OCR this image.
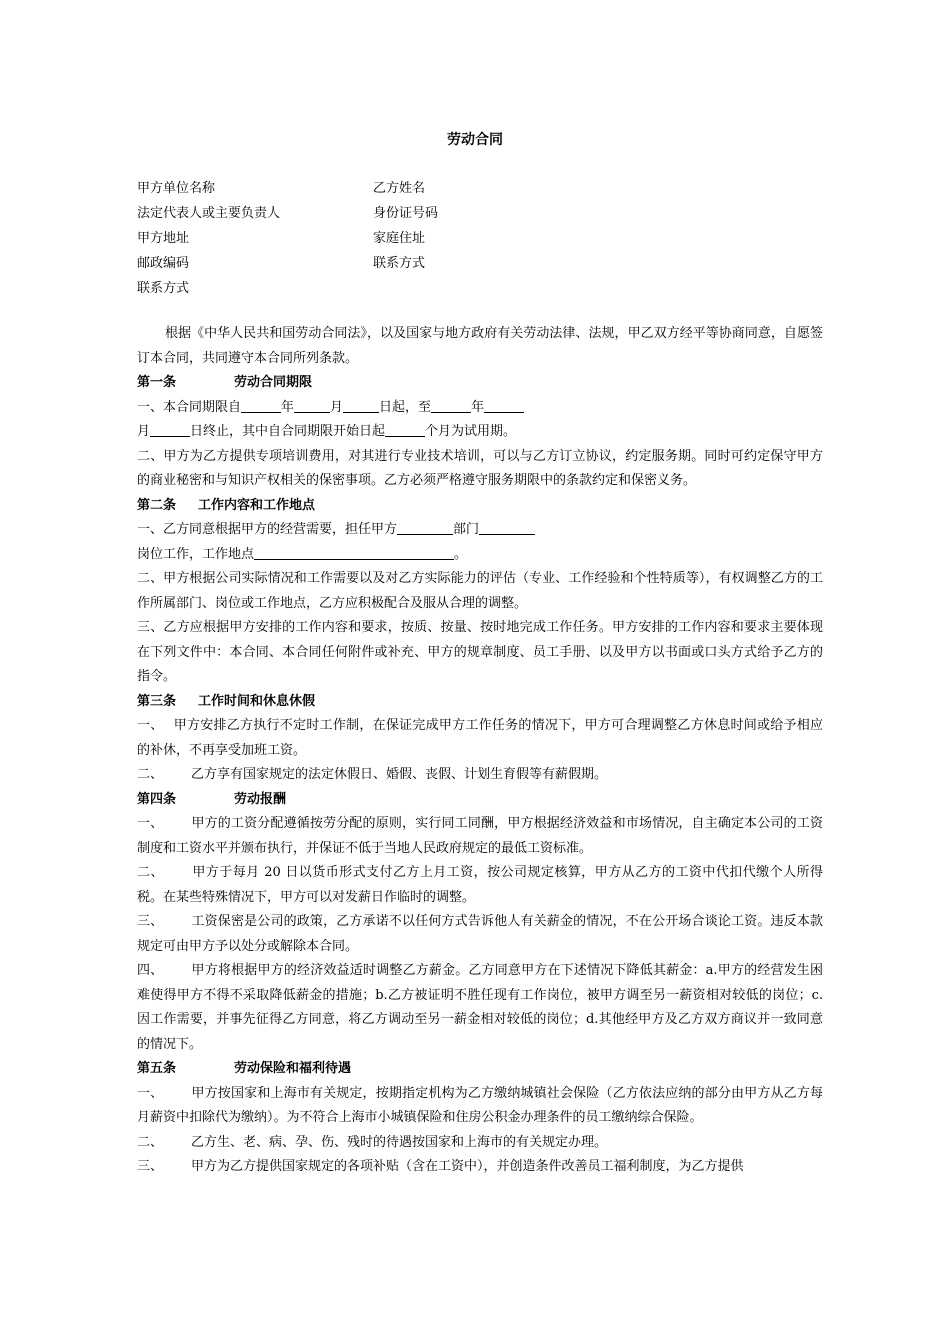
劳动合同
甲方单位名称	乙方姓名
法定代表人或主要负责人	身份证号码
甲方地址	家庭住址
邮政编码	联系方式
联系方式

根据《中华人民共和国劳动合同法》，以及国家与地方政府有关劳动法律、法规，甲乙双方经平等协商同意，自愿签订本合同，共同遵守本合同所列条款。

第一条	劳动合同期限

一、本合同期限自	年	月	日起，至	年
月	日终止，其中自合同期限开始日起	个月为试用期。

二、甲方为乙方提供专项培训费用，对其进行专业技术培训，可以与乙方订立协议，约定服务期。同时可约定保守甲方的商业秘密和与知识产权相关的保密事项。乙方必须严格遵守服务期限中的条款约定和保密义务。

第二条 工作内容和工作地点

一、乙方同意根据甲方的经营需要，担任甲方	部门
岗位工作，工作地点	。

二、甲方根据公司实际情况和工作需要以及对乙方实际能力的评估（专业、工作经验和个性特质等），有权调整乙方的工作所属部门、岗位或工作地点，乙方应积极配合及服从合理的调整。

三、乙方应根据甲方安排的工作内容和要求，按质、按量、按时地完成工作任务。甲方安排的工作内容和要求主要体现在下列文件中：本合同、本合同任何附件或补充、甲方的规章制度、员工手册、以及甲方以书面或口头方式给予乙方的指令。

第三条 工作时间和休息休假

一、 甲方安排乙方执行不定时工作制，在保证完成甲方工作任务的情况下，甲方可合理调整乙方休息时间或给予相应的补休，不再享受加班工资。

二、 乙方享有国家规定的法定休假日、婚假、丧假、计划生育假等有薪假期。

第四条	劳动报酬

一、 甲方的工资分配遵循按劳分配的原则，实行同工同酬，甲方根据经济效益和市场情况，自主确定本公司的工资制度和工资水平并颁布执行，并保证不低于当地人民政府规定的最低工资标准。

二、 甲方于每月 20 日以货币形式支付乙方上月工资，按公司规定核算，甲方从乙方的工资中代扣代缴个人所得税。在某些特殊情况下，甲方可以对发薪日作临时的调整。

三、 工资保密是公司的政策，乙方承诺不以任何方式告诉他人有关薪金的情况，不在公开场合谈论工资。违反本款规定可由甲方予以处分或解除本合同。

四、 甲方将根据甲方的经济效益适时调整乙方薪金。乙方同意甲方在下述情况下降低其薪金：a.甲方的经营发生困难使得甲方不得不采取降低薪金的措施；b.乙方被证明不胜任现有工作岗位，被甲方调至另一薪资相对较低的岗位；c.因工作需要，并事先征得乙方同意，将乙方调动至另一薪金相对较低的岗位；d.其他经甲方及乙方双方商议并一致同意的情况下。

第五条	劳动保险和福利待遇

一、 甲方按国家和上海市有关规定，按期指定机构为乙方缴纳城镇社会保险（乙方依法应纳的部分由甲方从乙方每月薪资中扣除代为缴纳）。为不符合上海市小城镇保险和住房公积金办理条件的员工缴纳综合保险。

二、 乙方生、老、病、孕、伤、残时的待遇按国家和上海市的有关规定办理。

三、 甲方为乙方提供国家规定的各项补贴（含在工资中），并创造条件改善员工福利制度，为乙方提供
